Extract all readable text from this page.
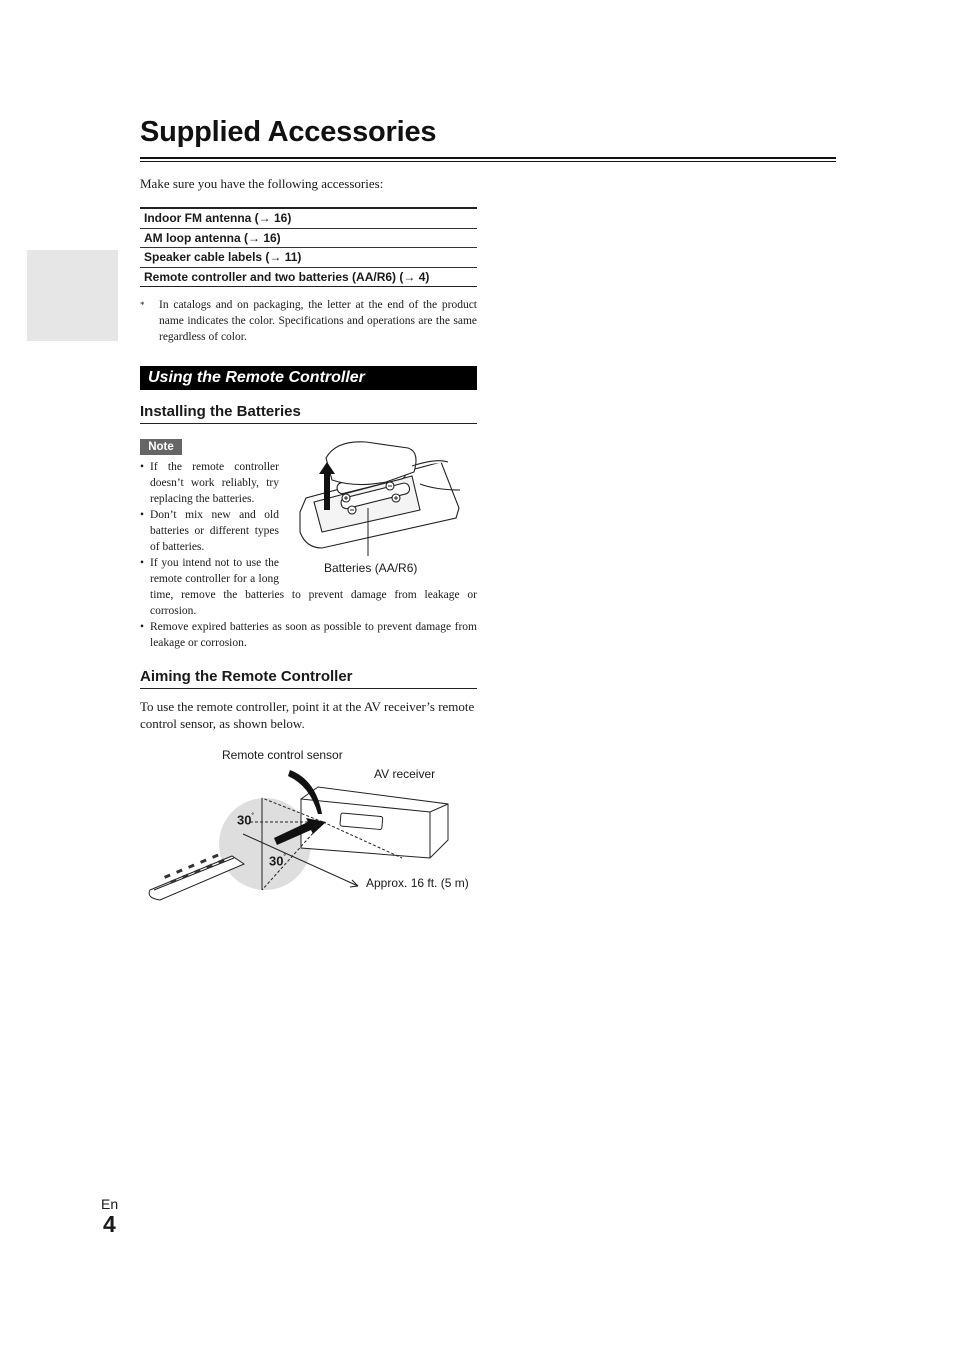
Supplied Accessories
Make sure you have the following accessories:
Indoor FM antenna (→ 16)
AM loop antenna (→ 16)
Speaker cable labels (→ 11)
Remote controller and two batteries (AA/R6) (→ 4)
* In catalogs and on packaging, the letter at the end of the product name indicates the color. Specifications and operations are the same regardless of color.
Using the Remote Controller
Installing the Batteries
Note
• If the remote controller doesn’t work reliably, try replacing the batteries.
• Don’t mix new and old batteries or different types of batteries.
• If you intend not to use the remote controller for a long time, remove the batteries to prevent damage from leakage or corrosion.
• Remove expired batteries as soon as possible to prevent damage from leakage or corrosion.
Batteries (AA/R6)
Aiming the Remote Controller
To use the remote controller, point it at the AV receiver’s remote control sensor, as shown below.
Remote control sensor
AV receiver
30˚
30˚
Approx. 16 ft. (5 m)
En
4
